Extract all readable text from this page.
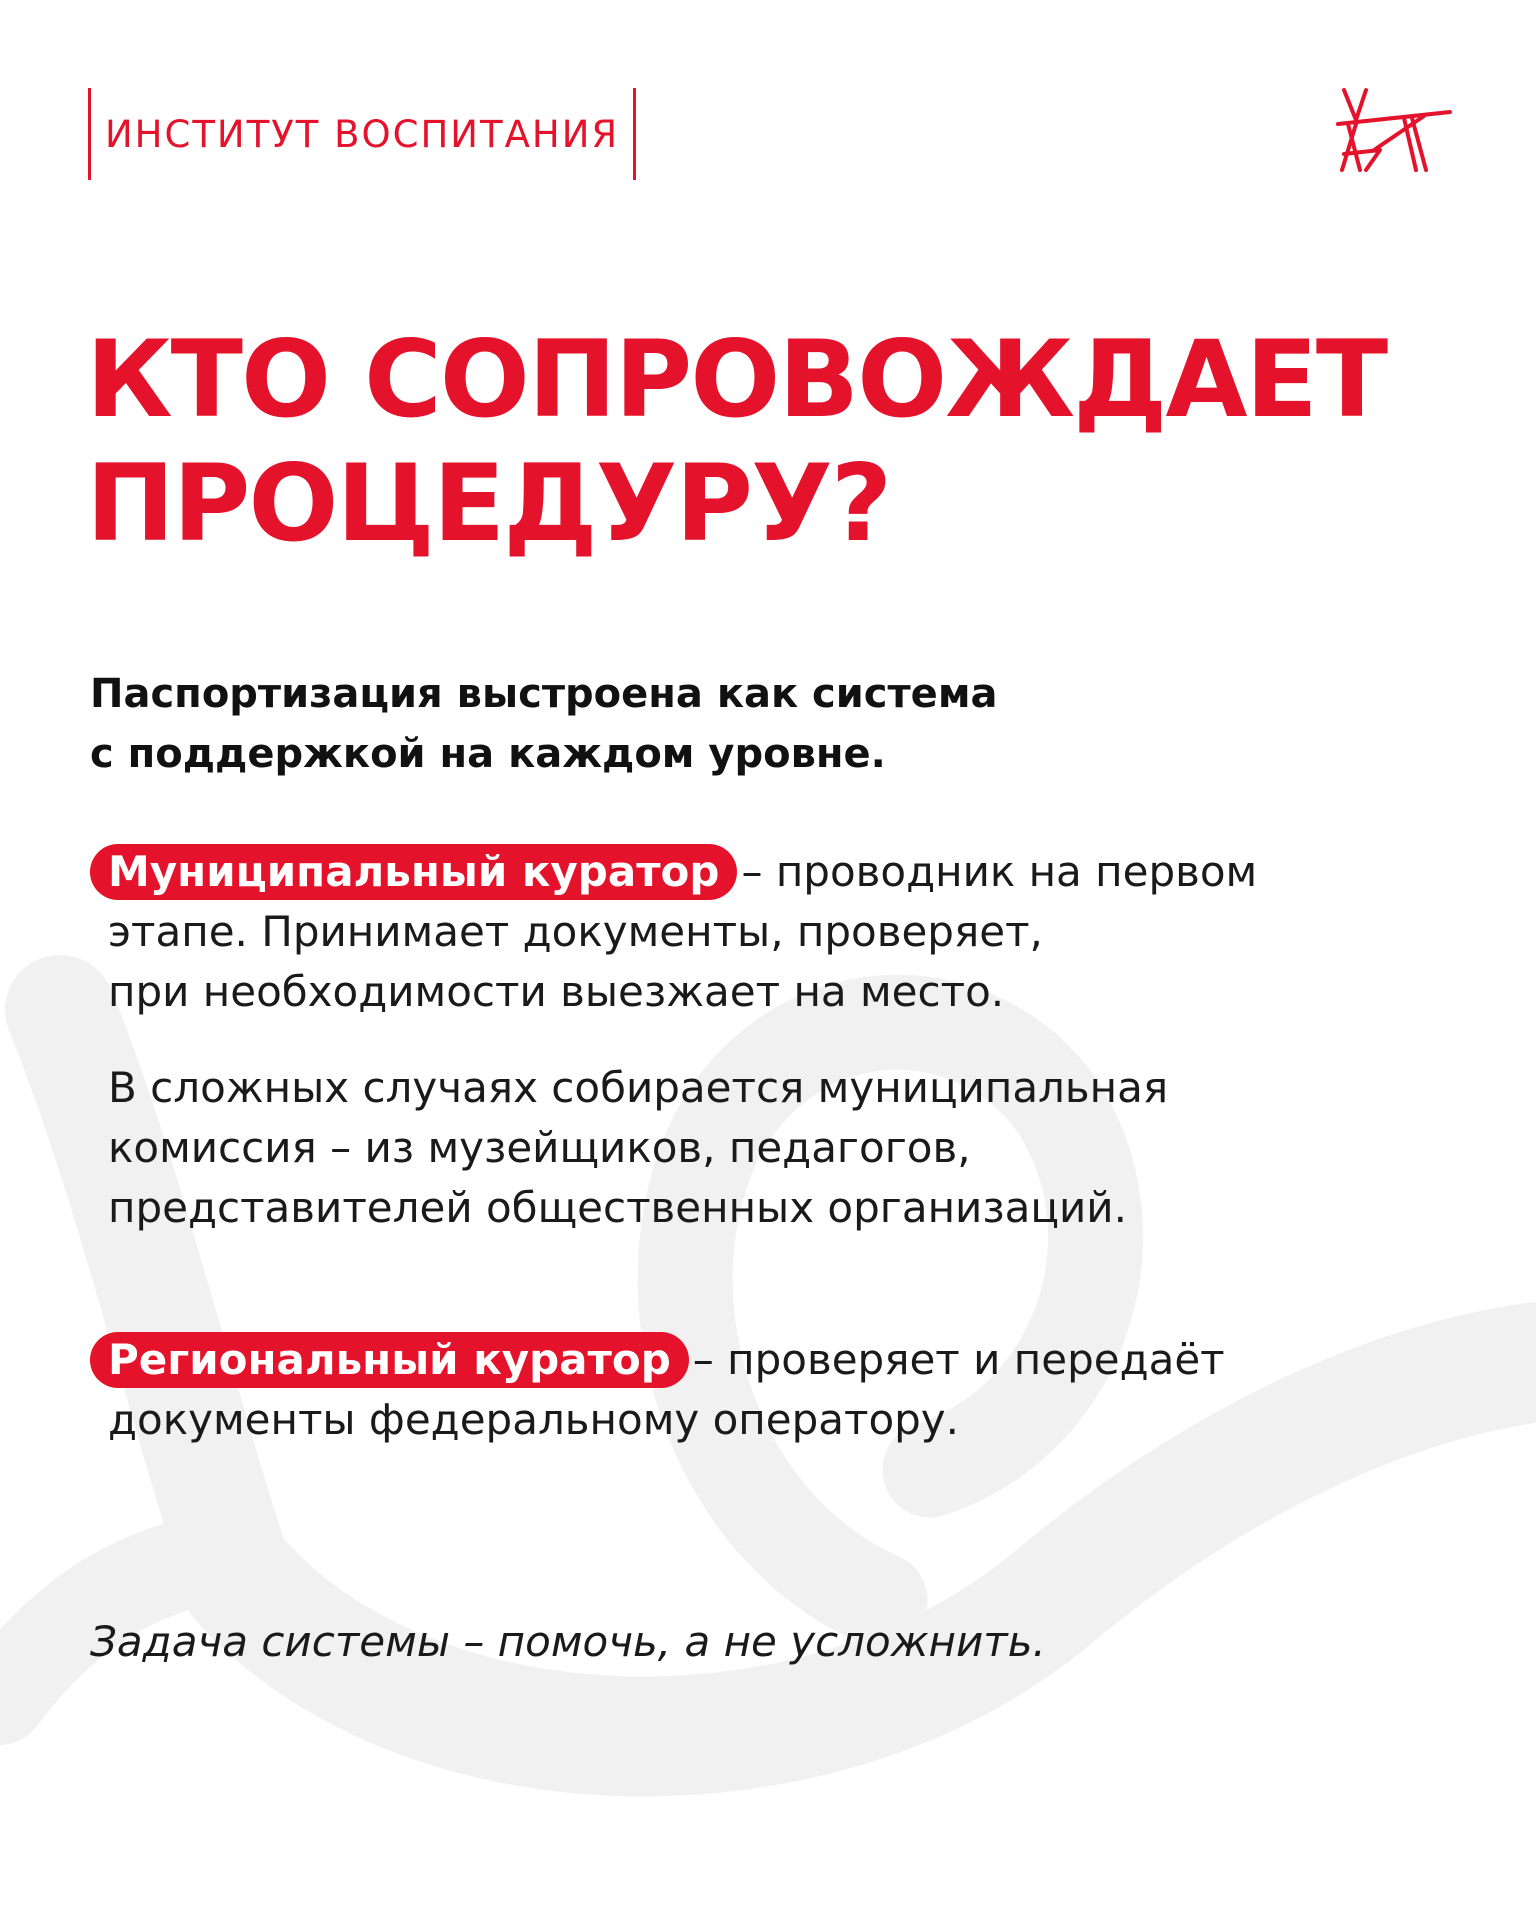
ИНСТИТУТ ВОСПИТАНИЯ
КТО СОПРОВОЖДАЕТ
ПРОЦЕДУРУ?

Паспортизация выстроена как система
с поддержкой на каждом уровне.

Муниципальный куратор – проводник на первом
этапе. Принимает документы, проверяет,
при необходимости выезжает на место.
В сложных случаях собирается муниципальная
комиссия – из музейщиков, педагогов,
представителей общественных организаций.
Региональный куратор – проверяет и передаёт
документы федеральному оператору.

Задача системы – помочь, а не усложнить.
